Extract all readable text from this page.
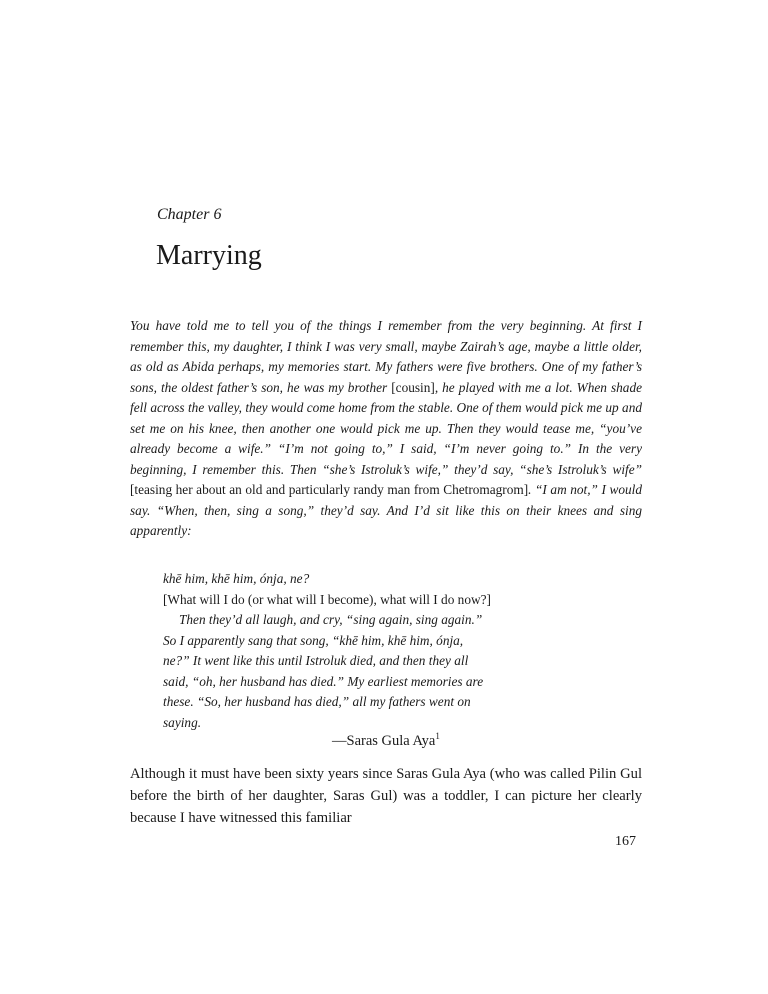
Chapter 6
Marrying

You have told me to tell you of the things I remember from the very beginning. At first I remember this, my daughter, I think I was very small, maybe Zairah’s age, maybe a little older, as old as Abida perhaps, my memories start. My fathers were five brothers. One of my father’s sons, the oldest father’s son, he was my brother [cousin], he played with me a lot. When shade fell across the valley, they would come home from the stable. One of them would pick me up and set me on his knee, then another one would pick me up. Then they would tease me, “you’ve already become a wife.” “I’m not going to,” I said, “I’m never going to.” In the very beginning, I remember this. Then “she’s Istroluk’s wife,” they’d say, “she’s Istroluk’s wife” [teasing her about an old and particularly randy man from Chetromagrom]. “I am not,” I would say. “When, then, sing a song,” they’d say. And I’d sit like this on their knees and sing apparently:

khē him, khē him, ónja, ne?

[What will I do (or what will I become), what will I do now?]

Then they’d all laugh, and cry, “sing again, sing again.” So I apparently sang that song, “khē him, khē him, ónja, ne?” It went like this until Istroluk died, and then they all said, “oh, her husband has died.” My earliest memories are these. “So, her husband has died,” all my fathers went on saying.

—Saras Gula Aya$^1$

Although it must have been sixty years since Saras Gula Aya (who was called Pilin Gul before the birth of her daughter, Saras Gul) was a toddler, I can picture her clearly because I have witnessed this familiar

167
